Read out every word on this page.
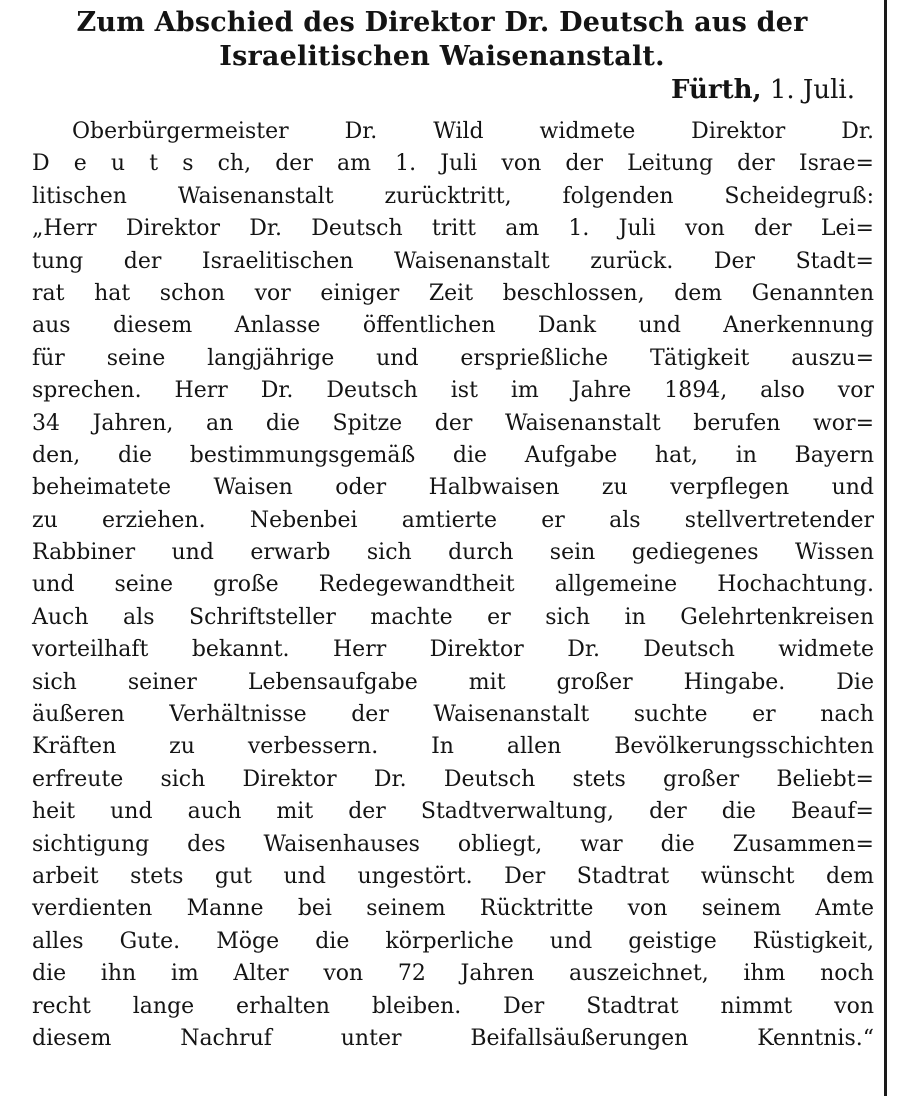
Zum Abschied des Direktor Dr. Deutsch aus der
Israelitischen Waisenanstalt.
Fürth, 1. Juli.
Oberbürgermeister Dr. Wild widmete Direktor Dr.
D e u t s ch, der am 1. Juli von der Leitung der Israe=
litischen Waisenanstalt zurücktritt, folgenden Scheidegruß:
„Herr Direktor Dr. Deutsch tritt am 1. Juli von der Lei=
tung der Israelitischen Waisenanstalt zurück. Der Stadt=
rat hat schon vor einiger Zeit beschlossen, dem Genannten
aus diesem Anlasse öffentlichen Dank und Anerkennung
für seine langjährige und ersprießliche Tätigkeit auszu=
sprechen. Herr Dr. Deutsch ist im Jahre 1894, also vor
34 Jahren, an die Spitze der Waisenanstalt berufen wor=
den, die bestimmungsgemäß die Aufgabe hat, in Bayern
beheimatete Waisen oder Halbwaisen zu verpflegen und
zu erziehen. Nebenbei amtierte er als stellvertretender
Rabbiner und erwarb sich durch sein gediegenes Wissen
und seine große Redegewandtheit allgemeine Hochachtung.
Auch als Schriftsteller machte er sich in Gelehrtenkreisen
vorteilhaft bekannt. Herr Direktor Dr. Deutsch widmete
sich seiner Lebensaufgabe mit großer Hingabe. Die
äußeren Verhältnisse der Waisenanstalt suchte er nach
Kräften zu verbessern. In allen Bevölkerungsschichten
erfreute sich Direktor Dr. Deutsch stets großer Beliebt=
heit und auch mit der Stadtverwaltung, der die Beauf=
sichtigung des Waisenhauses obliegt, war die Zusammen=
arbeit stets gut und ungestört. Der Stadtrat wünscht dem
verdienten Manne bei seinem Rücktritte von seinem Amte
alles Gute. Möge die körperliche und geistige Rüstigkeit,
die ihn im Alter von 72 Jahren auszeichnet, ihm noch
recht lange erhalten bleiben. Der Stadtrat nimmt von
diesem Nachruf unter Beifallsäußerungen Kenntnis.“
